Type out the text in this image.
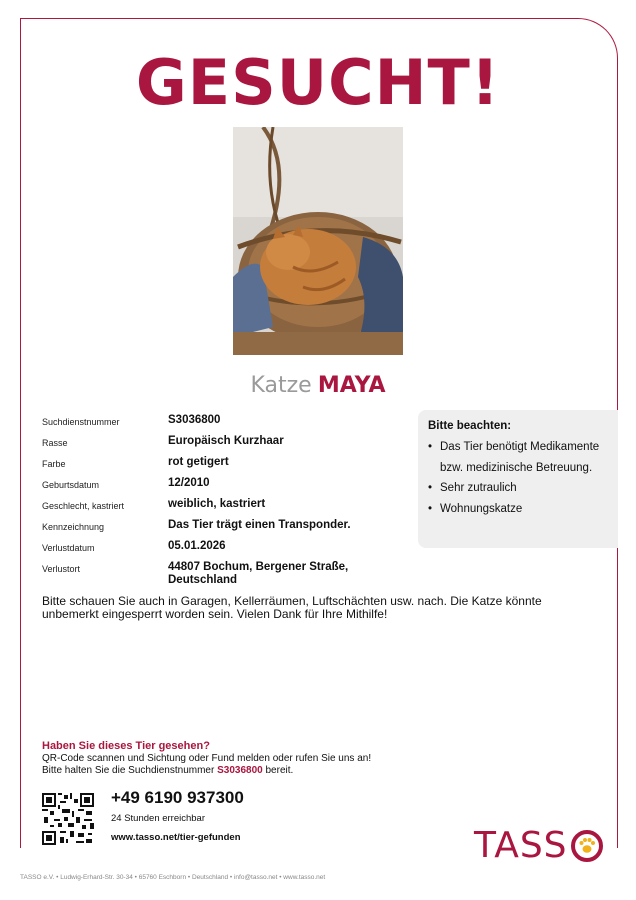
GESUCHT!
Katze MAYA
Suchdienstnummer	S3036800
Rasse	Europäisch Kurzhaar
Farbe	rot getigert
Geburtsdatum	12/2010
Geschlecht, kastriert	weiblich, kastriert
Kennzeichnung	Das Tier trägt einen Transponder.
Verlustdatum	05.01.2026
Verlustort	44807 Bochum, Bergener Straße, Deutschland
Bitte beachten:
• Das Tier benötigt Medikamente bzw. medizinische Betreuung.
• Sehr zutraulich
• Wohnungskatze
Bitte schauen Sie auch in Garagen, Kellerräumen, Luftschächten usw. nach. Die Katze könnte unbemerkt eingesperrt worden sein. Vielen Dank für Ihre Mithilfe!
Haben Sie dieses Tier gesehen?
QR-Code scannen und Sichtung oder Fund melden oder rufen Sie uns an!
Bitte halten Sie die Suchdienstnummer S3036800 bereit.
+49 6190 937300
24 Stunden erreichbar
www.tasso.net/tier-gefunden	TASS
TASSO e.V. • Ludwig-Erhard-Str. 30-34 • 65760 Eschborn • Deutschland • info@tasso.net • www.tasso.net
